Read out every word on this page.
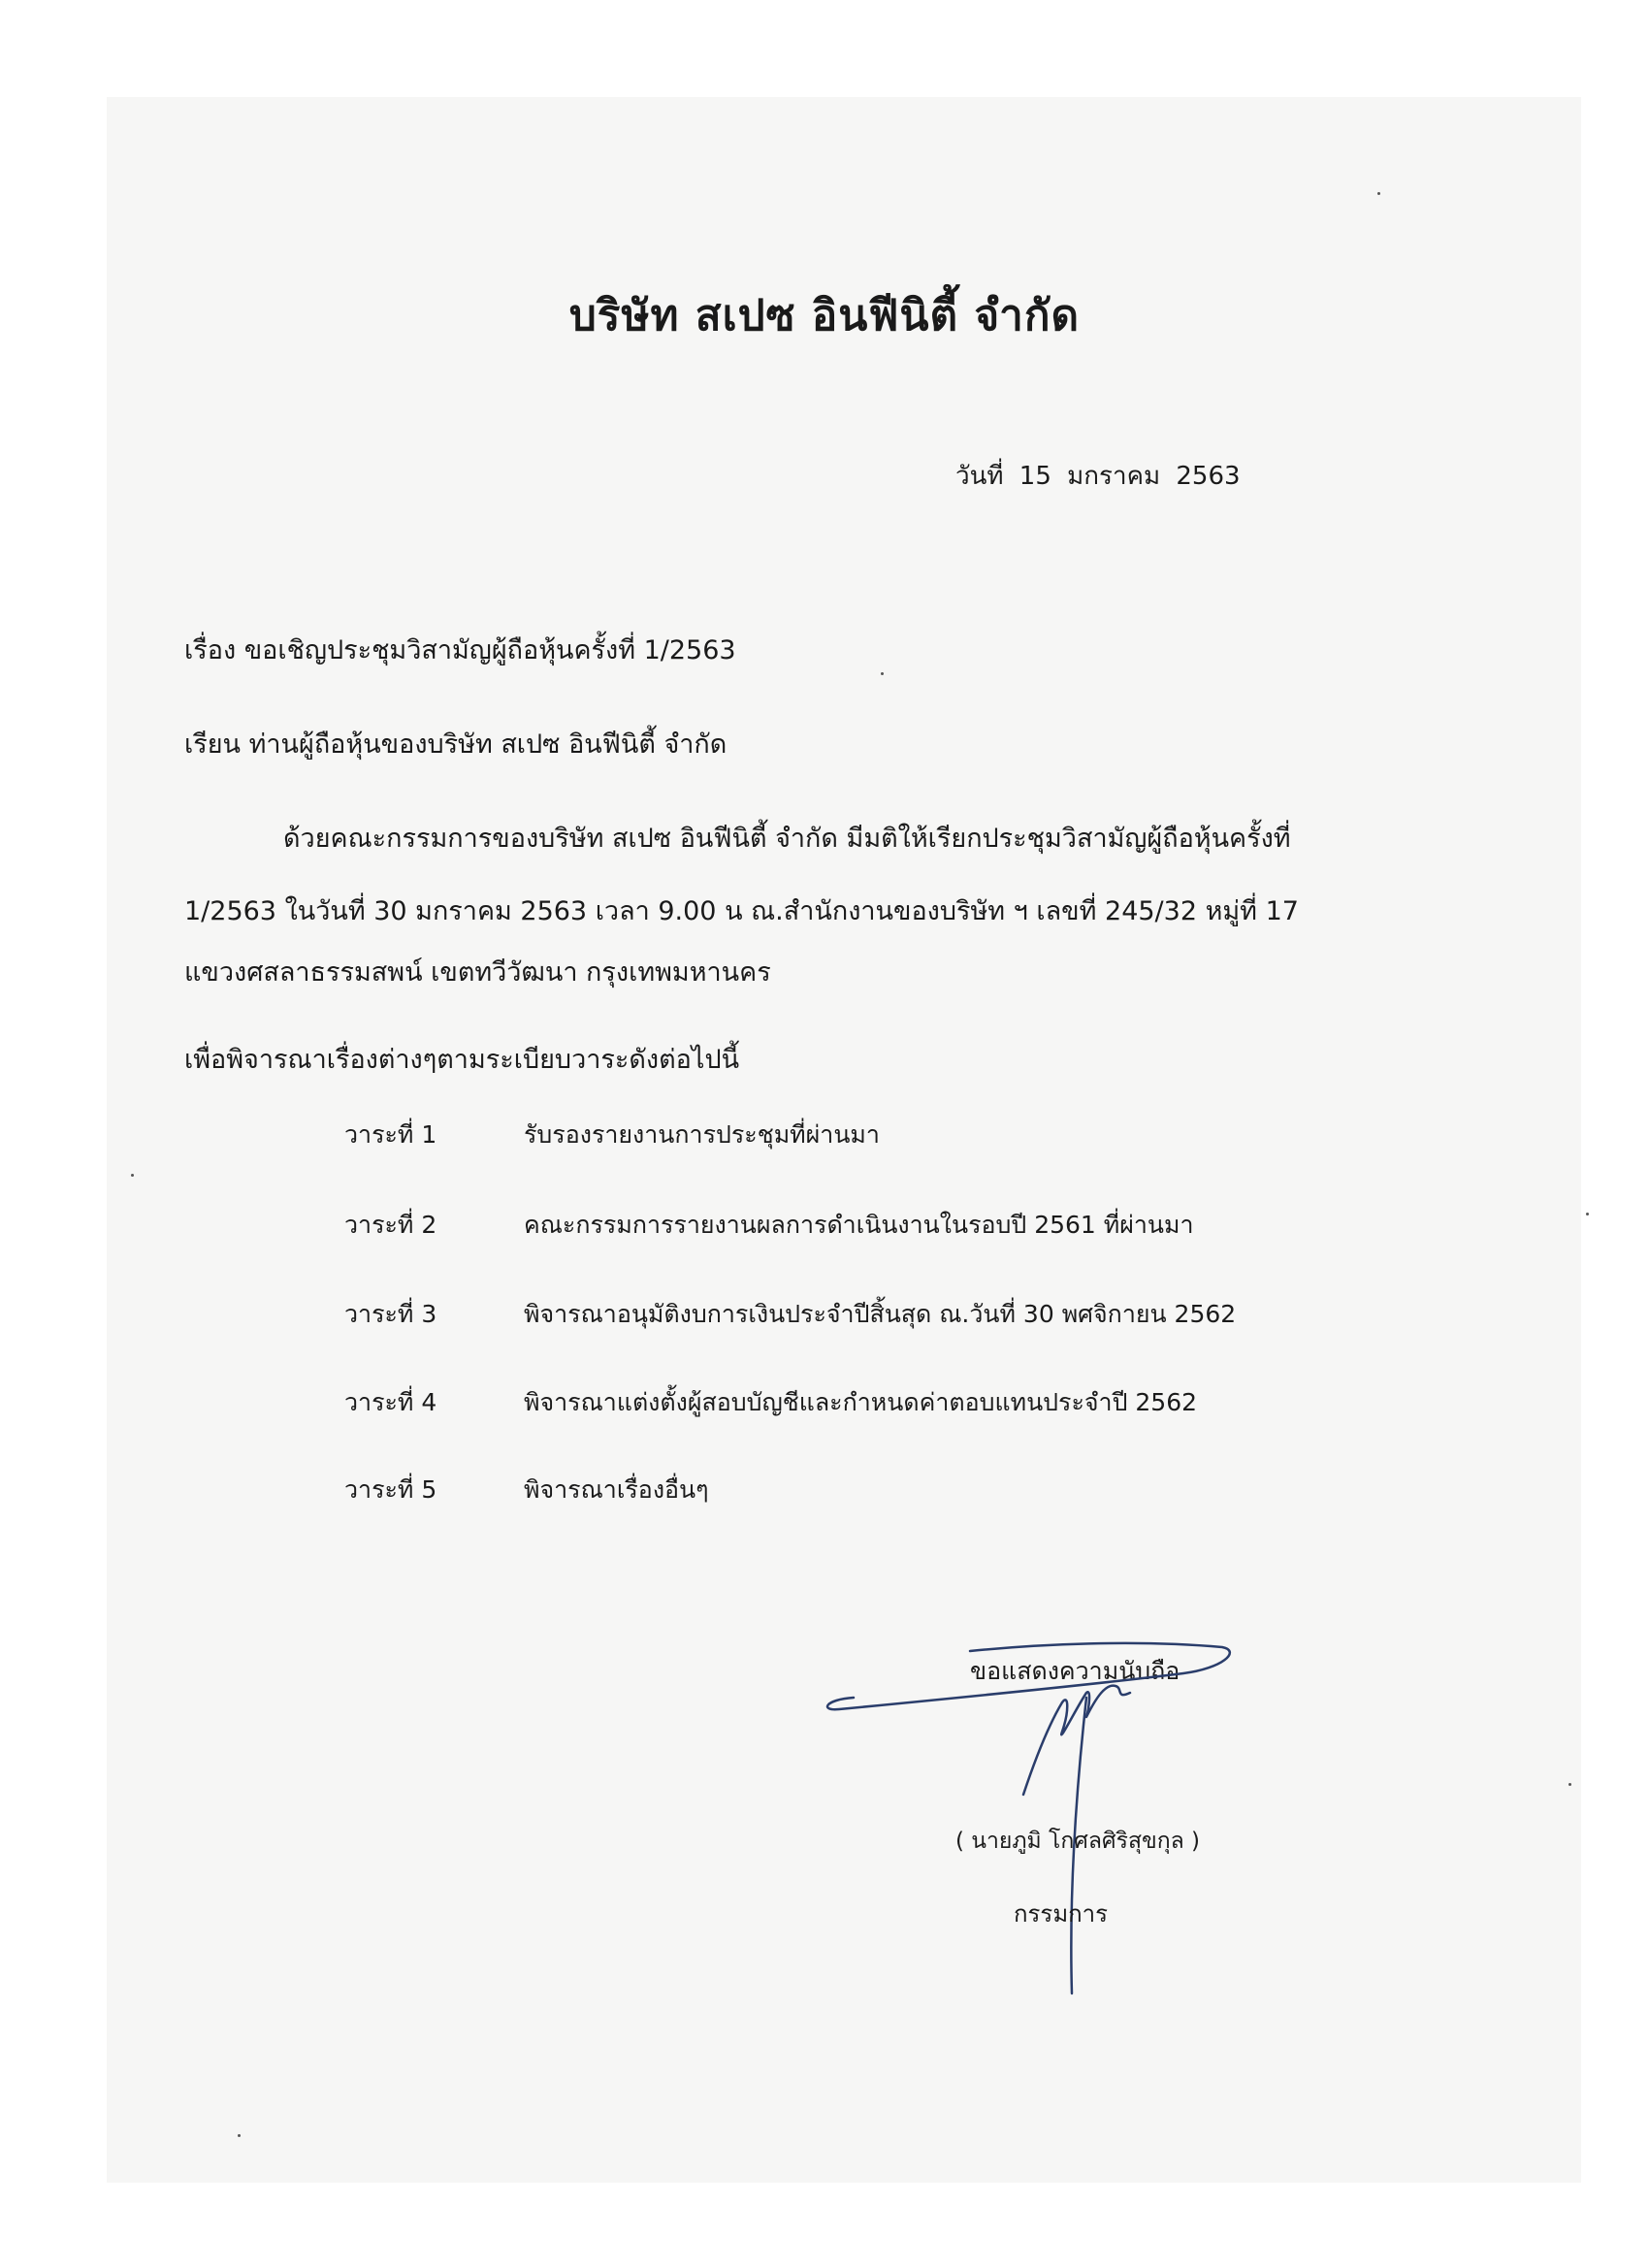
บริษัท สเปซ อินฟีนิตี้ จำกัด
วันที่ 15 มกราคม 2563
เรื่อง ขอเชิญประชุมวิสามัญผู้ถือหุ้นครั้งที่ 1/2563
เรียน ท่านผู้ถือหุ้นของบริษัท สเปซ อินฟีนิตี้ จำกัด
ด้วยคณะกรรมการของบริษัท สเปซ อินฟีนิตี้ จำกัด มีมติให้เรียกประชุมวิสามัญผู้ถือหุ้นครั้งที่
1/2563 ในวันที่ 30 มกราคม 2563 เวลา 9.00 น ณ.สำนักงานของบริษัท ฯ เลขที่ 245/32 หมู่ที่ 17
แขวงศสลาธรรมสพน์ เขตทวีวัฒนา กรุงเทพมหานคร
เพื่อพิจารณาเรื่องต่างๆตามระเบียบวาระดังต่อไปนี้
วาระที่ 1	รับรองรายงานการประชุมที่ผ่านมา
วาระที่ 2	คณะกรรมการรายงานผลการดำเนินงานในรอบปี 2561 ที่ผ่านมา
วาระที่ 3	พิจารณาอนุมัติงบการเงินประจำปีสิ้นสุด ณ.วันที่ 30 พศจิกายน 2562
วาระที่ 4	พิจารณาแต่งตั้งผู้สอบบัญชีและกำหนดค่าตอบแทนประจำปี 2562
วาระที่ 5	พิจารณาเรื่องอื่นๆ
ขอแสดงความนับถือ
( นายภูมิ โกศลศิริสุขกุล )
กรรมการ
